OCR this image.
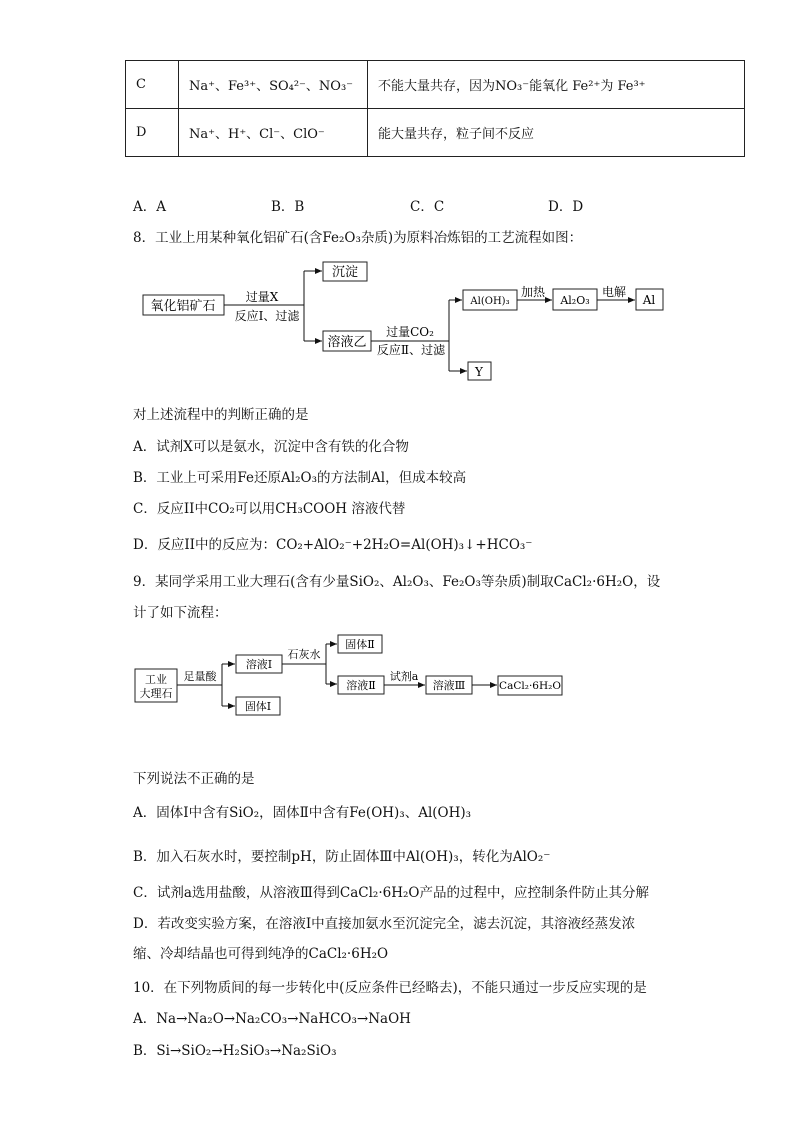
C	Na⁺、Fe³⁺、SO₄²⁻、NO₃⁻	不能大量共存，因为NO₃⁻能氧化 Fe²⁺为 Fe³⁺
D	Na⁺、H⁺、Cl⁻、ClO⁻	能大量共存，粒子间不反应
A．A	B．B	C．C	D．D
8．工业上用某种氧化铝矿石(含Fe₂O₃杂质)为原料冶炼铝的工艺流程如图：
氧化铝矿石
过量X
反应Ⅰ、过滤
沉淀
溶液乙
过量CO₂
反应Ⅱ、过滤
Al(OH)₃
加热
Al₂O₃
电解
Al
Y
对上述流程中的判断正确的是
A．试剂X可以是氨水，沉淀中含有铁的化合物
B．工业上可采用Fe还原Al₂O₃的方法制Al，但成本较高
C．反应II中CO₂可以用CH₃COOH 溶液代替
D．反应II中的反应为：CO₂+AlO₂⁻+2H₂O=Al(OH)₃↓+HCO₃⁻
9．某同学采用工业大理石(含有少量SiO₂、Al₂O₃、Fe₂O₃等杂质)制取CaCl₂·6H₂O，设
计了如下流程：
工业
大理石
足量酸
溶液Ⅰ
固体Ⅰ
石灰水
固体Ⅱ
溶液Ⅱ
试剂a
溶液Ⅲ	CaCl₂·6H₂O
下列说法不正确的是
A．固体Ⅰ中含有SiO₂，固体Ⅱ中含有Fe(OH)₃、Al(OH)₃
B．加入石灰水时，要控制pH，防止固体Ⅲ中Al(OH)₃，转化为AlO₂⁻
C．试剂a选用盐酸，从溶液Ⅲ得到CaCl₂·6H₂O产品的过程中，应控制条件防止其分解
D．若改变实验方案，在溶液Ⅰ中直接加氨水至沉淀完全，滤去沉淀，其溶液经蒸发浓
缩、冷却结晶也可得到纯净的CaCl₂·6H₂O
10．在下列物质间的每一步转化中(反应条件已经略去)，不能只通过一步反应实现的是
A．Na→Na₂O→Na₂CO₃→NaHCO₃→NaOH
B．Si→SiO₂→H₂SiO₃→Na₂SiO₃
